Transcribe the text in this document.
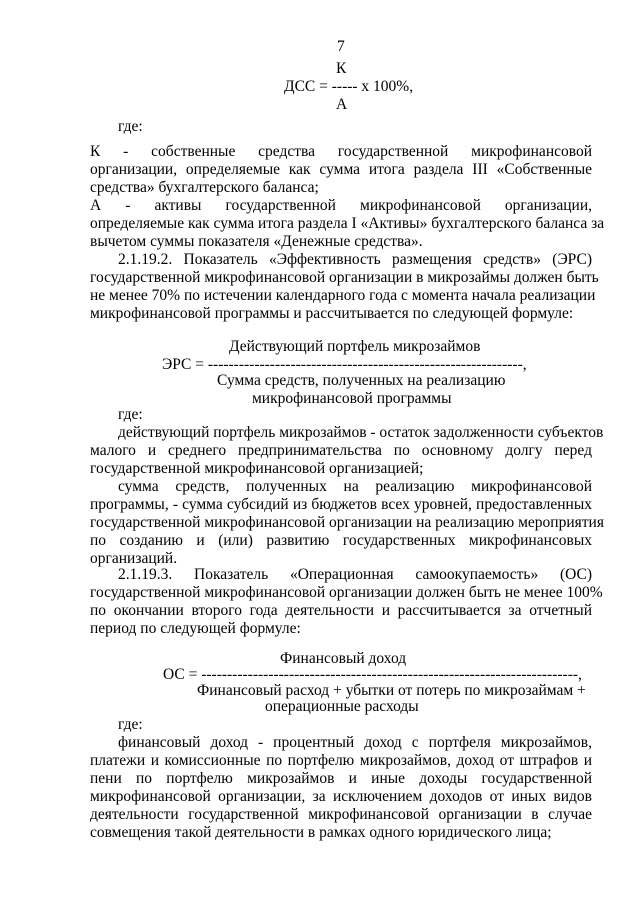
7
К
ДСС = ----- х 100%,
А
где:
К - собственные средства государственной микрофинансовой
организации, определяемые как сумма итога раздела III «Собственные
средства» бухгалтерского баланса;
А - активы государственной микрофинансовой организации,
определяемые как сумма итога раздела I «Активы» бухгалтерского баланса за
вычетом суммы показателя «Денежные средства».
2.1.19.2. Показатель «Эффективность размещения средств» (ЭРС)
государственной микрофинансовой организации в микрозаймы должен быть
не менее 70% по истечении календарного года с момента начала реализации
микрофинансовой программы и рассчитывается по следующей формуле:
Действующий портфель микрозаймов
ЭРС = -------------------------------------------------------------,
Сумма средств, полученных на реализацию
микрофинансовой программы
где:
действующий портфель микрозаймов - остаток задолженности субъектов
малого и среднего предпринимательства по основному долгу перед
государственной микрофинансовой организацией;
сумма средств, полученных на реализацию микрофинансовой
программы, - сумма субсидий из бюджетов всех уровней, предоставленных
государственной микрофинансовой организации на реализацию мероприятия
по созданию и (или) развитию государственных микрофинансовых
организаций.
2.1.19.3. Показатель «Операционная самоокупаемость» (ОС)
государственной микрофинансовой организации должен быть не менее 100%
по окончании второго года деятельности и рассчитывается за отчетный
период по следующей формуле:
Финансовый доход
ОС = -------------------------------------------------------------------------,
Финансовый расход + убытки от потерь по микрозаймам +
операционные расходы
где:
финансовый доход - процентный доход с портфеля микрозаймов,
платежи и комиссионные по портфелю микрозаймов, доход от штрафов и
пени по портфелю микрозаймов и иные доходы государственной
микрофинансовой организации, за исключением доходов от иных видов
деятельности государственной микрофинансовой организации в случае
совмещения такой деятельности в рамках одного юридического лица;
